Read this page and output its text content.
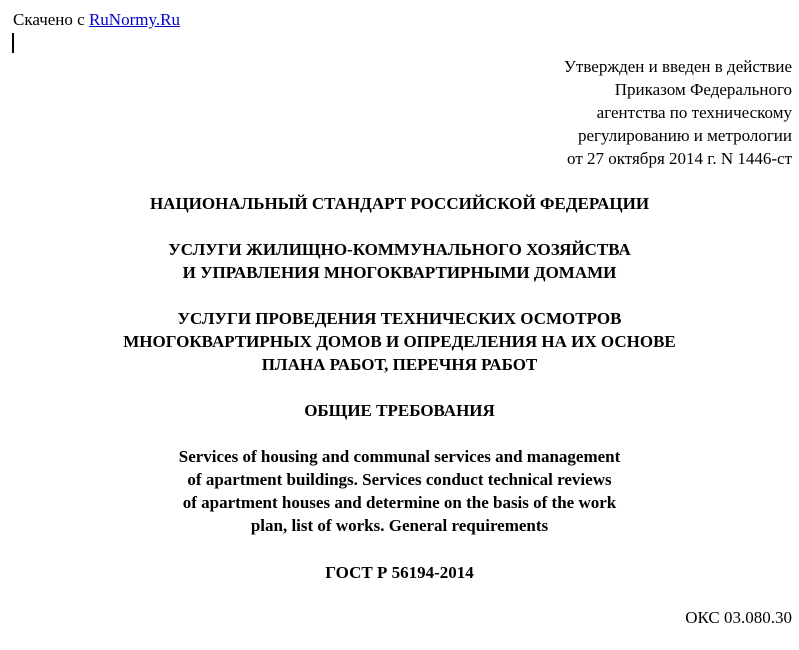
Скачено с RuNormy.Ru
Утвержден и введен в действие
Приказом Федерального
агентства по техническому
регулированию и метрологии
от 27 октября 2014 г. N 1446-ст
НАЦИОНАЛЬНЫЙ СТАНДАРТ РОССИЙСКОЙ ФЕДЕРАЦИИ
УСЛУГИ ЖИЛИЩНО-КОММУНАЛЬНОГО ХОЗЯЙСТВА
И УПРАВЛЕНИЯ МНОГОКВАРТИРНЫМИ ДОМАМИ
УСЛУГИ ПРОВЕДЕНИЯ ТЕХНИЧЕСКИХ ОСМОТРОВ
МНОГОКВАРТИРНЫХ ДОМОВ И ОПРЕДЕЛЕНИЯ НА ИХ ОСНОВЕ
ПЛАНА РАБОТ, ПЕРЕЧНЯ РАБОТ
ОБЩИЕ ТРЕБОВАНИЯ
Services of housing and communal services and management
of apartment buildings. Services conduct technical reviews
of apartment houses and determine on the basis of the work
plan, list of works. General requirements
ГОСТ Р 56194-2014
ОКС 03.080.30
